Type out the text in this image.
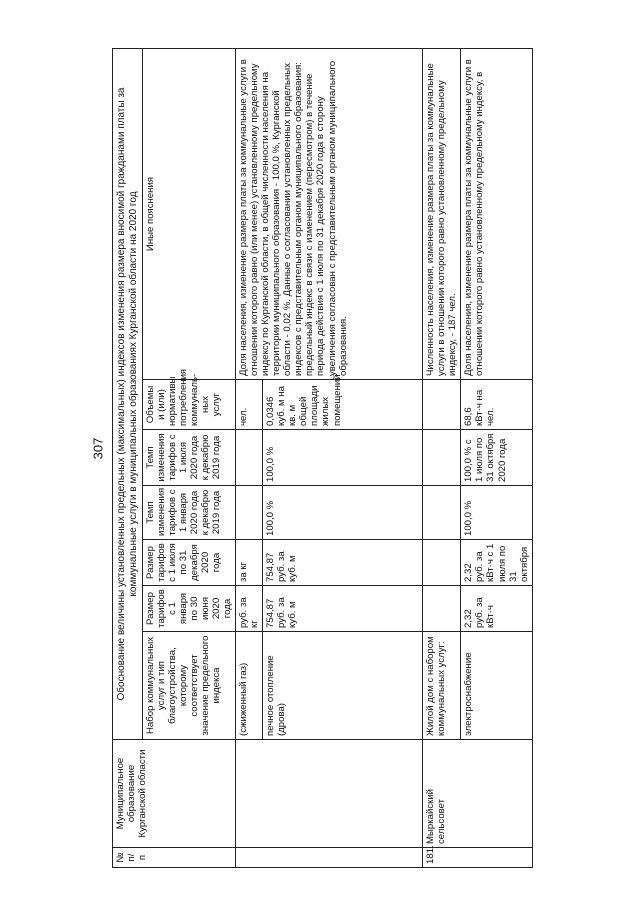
307
№
п/п	Муниципальное образование Курганской области	Обоснование величины установленных предельных (максимальных) индексов изменения размера вносимой гражданами платы за коммунальные услуги в муниципальных образованиях Курганской области на 2020 год						
		Набор коммунальных услуг и тип благоустройства, которому соответствует значение предельного индекса	Размер тарифов с 1 января по 30 июня 2020 года	Размер тарифов с 1 июля по 31 декабря 2020 года	Темп изменения тарифов с 1 января 2020 года к декабрю 2019 года	Темп изменения тарифов с 1 июля 2020 года к декабрю 2019 года	Объемы и (или) нормативы потребления коммуналь-ных услуг	Иные пояснения
		(сжиженный газ)	руб. за кг	за кг			чел.	Доля населения, изменение размера платы за коммунальные услуги в отношении которого равно (или менее) установленному предельному индексу по Курганской области, в общей численности населения на территории муниципального образования - 100,0 %, Курганской области - 0,02 %. Данные о согласовании установленных предельных индексов с представительным органом муниципального образования: предельный индекс в связи с изменением (пересмотром) в течение периода действия с 1 июля по 31 декабря 2020 года в сторону увеличения согласован с представительным органом муниципального образования.
		печное отопление (дрова)	754,87 руб. за куб. м	754,87 руб. за куб. м	100,0 %	100,0 %	0,0346 куб. м на кв. м общей площади жилых помещений	
181.	Мыркайский сельсовет	Жилой дом с набором коммунальных услуг:						Численность населения, изменение размера платы за коммунальные услуги в отношении которого равно установленному предельному индексу, - 187 чел.
		электроснабжение	2,32 руб. за кВт·ч	2,32 руб. за кВт·ч с 1 июля по 31 октября	100,0 %	100,0 % с 1 июля по 31 октября 2020 года	68,6 кВт·ч на чел.	Доля населения, изменение размера платы за коммунальные услуги в отношении которого равно установленному предельному индексу, в
